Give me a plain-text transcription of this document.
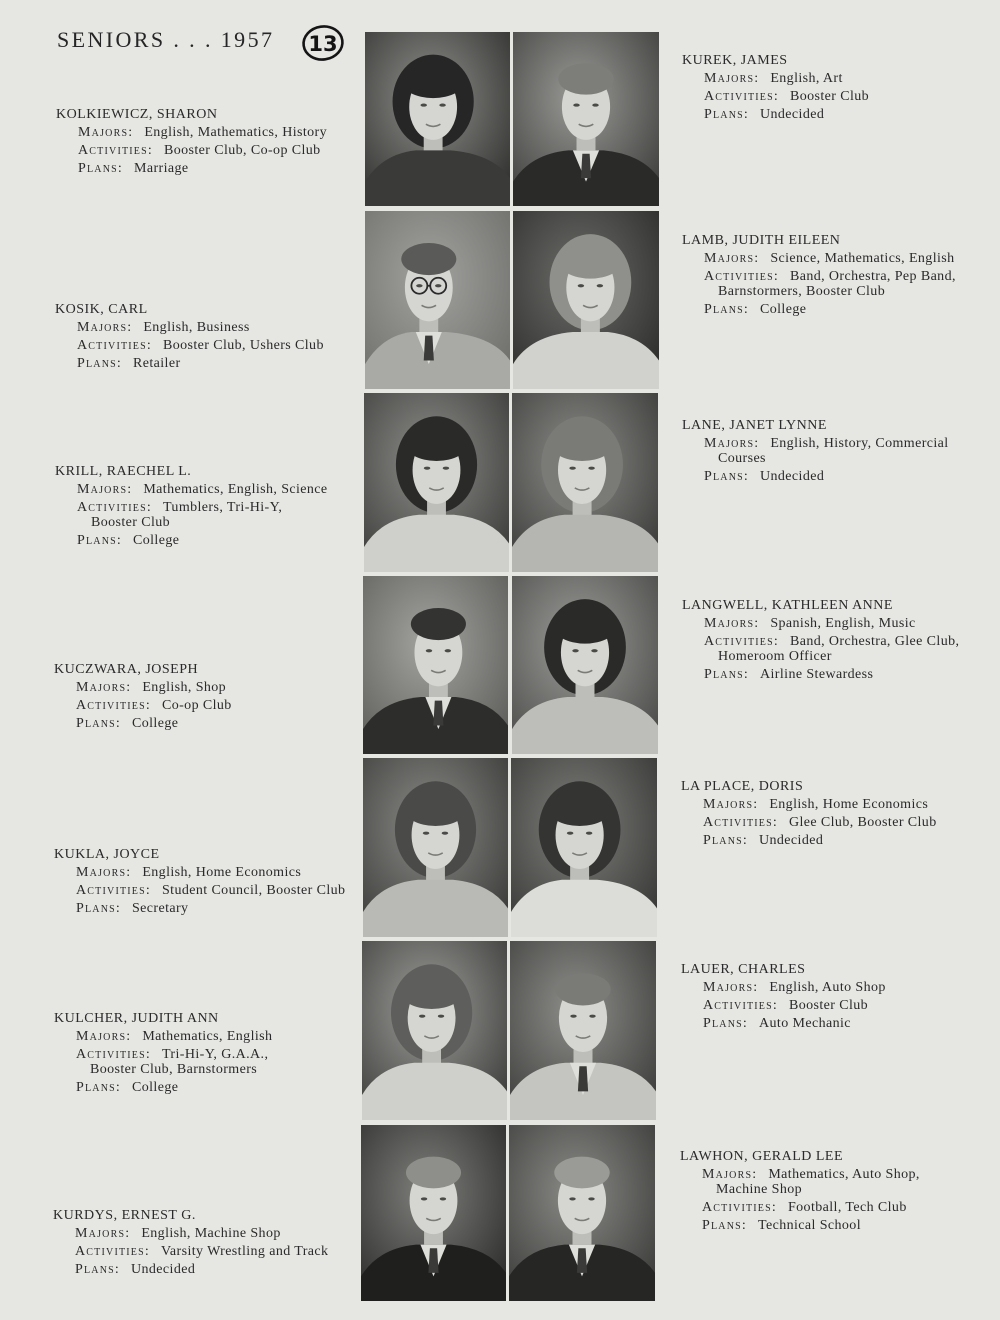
SENIORS . . . 1957 13
KOLKIEWICZ, SHARON
Majors: English, Mathematics, History
Activities: Booster Club, Co-op Club
Plans: Marriage
KOSIK, CARL
Majors: English, Business
Activities: Booster Club, Ushers Club
Plans: Retailer
KRILL, RAECHEL L.
Majors: Mathematics, English, Science
Activities: Tumblers, Tri-Hi-Y,
Booster Club
Plans: College
KUCZWARA, JOSEPH
Majors: English, Shop
Activities: Co-op Club
Plans: College
KUKLA, JOYCE
Majors: English, Home Economics
Activities: Student Council, Booster Club
Plans: Secretary
KULCHER, JUDITH ANN
Majors: Mathematics, English
Activities: Tri-Hi-Y, G.A.A.,
Booster Club, Barnstormers
Plans: College
KURDYS, ERNEST G.
Majors: English, Machine Shop
Activities: Varsity Wrestling and Track
Plans: Undecided
KUREK, JAMES
Majors: English, Art
Activities: Booster Club
Plans: Undecided
LAMB, JUDITH EILEEN
Majors: Science, Mathematics, English
Activities: Band, Orchestra, Pep Band,
Barnstormers, Booster Club
Plans: College
LANE, JANET LYNNE
Majors: English, History, Commercial
Courses
Plans: Undecided
LANGWELL, KATHLEEN ANNE
Majors: Spanish, English, Music
Activities: Band, Orchestra, Glee Club,
Homeroom Officer
Plans: Airline Stewardess
LA PLACE, DORIS
Majors: English, Home Economics
Activities: Glee Club, Booster Club
Plans: Undecided
LAUER, CHARLES
Majors: English, Auto Shop
Activities: Booster Club
Plans: Auto Mechanic
LAWHON, GERALD LEE
Majors: Mathematics, Auto Shop,
Machine Shop
Activities: Football, Tech Club
Plans: Technical School
